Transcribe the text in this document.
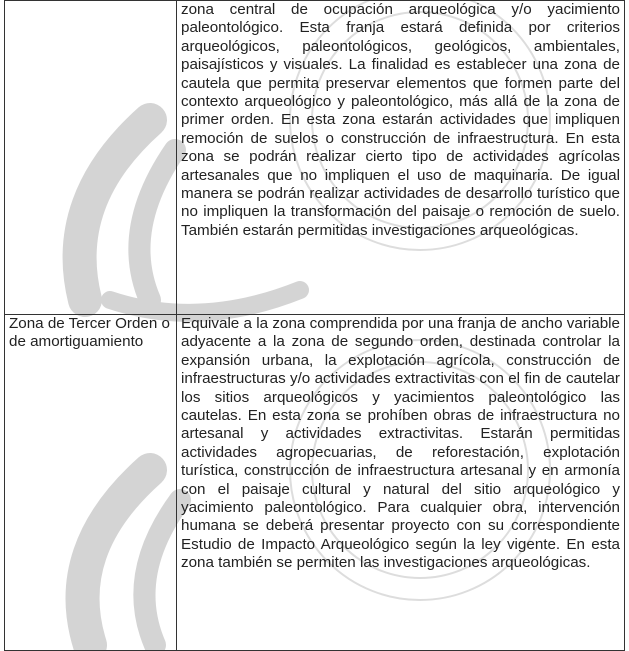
	zona central de ocupación arqueológica y/o yacimiento paleontológico. Esta franja estará definida por criterios arqueológicos, paleontológicos, geológicos, ambientales, paisajísticos y visuales. La finalidad es establecer una zona de cautela que permita preservar elementos que formen parte del contexto arqueológico y paleontológico, más allá de la zona de primer orden. En esta zona estarán actividades que impliquen remoción de suelos o construcción de infraestructura. En esta zona se podrán realizar cierto tipo de actividades agrícolas artesanales que no impliquen el uso de maquinaria. De igual manera se podrán realizar actividades de desarrollo turístico que no impliquen la transformación del paisaje o remoción de suelo. También estarán permitidas investigaciones arqueológicas.
Zona de Tercer Orden o de amortiguamiento	Equivale a la zona comprendida por una franja de ancho variable adyacente a la zona de segundo orden, destinada controlar la expansión urbana, la explotación agrícola, construcción de infraestructuras y/o actividades extractivitas con el fin de cautelar los sitios arqueológicos y yacimientos paleontológico las cautelas. En esta zona se prohíben obras de infraestructura no artesanal y actividades extractivitas. Estarán permitidas actividades agropecuarias, de reforestación, explotación turística, construcción de infraestructura artesanal y en armonía con el paisaje cultural y natural del sitio arqueológico y yacimiento paleontológico. Para cualquier obra, intervención humana se deberá presentar proyecto con su correspondiente Estudio de Impacto Arqueológico según la ley vigente. En esta zona también se permiten las investigaciones arqueológicas.
